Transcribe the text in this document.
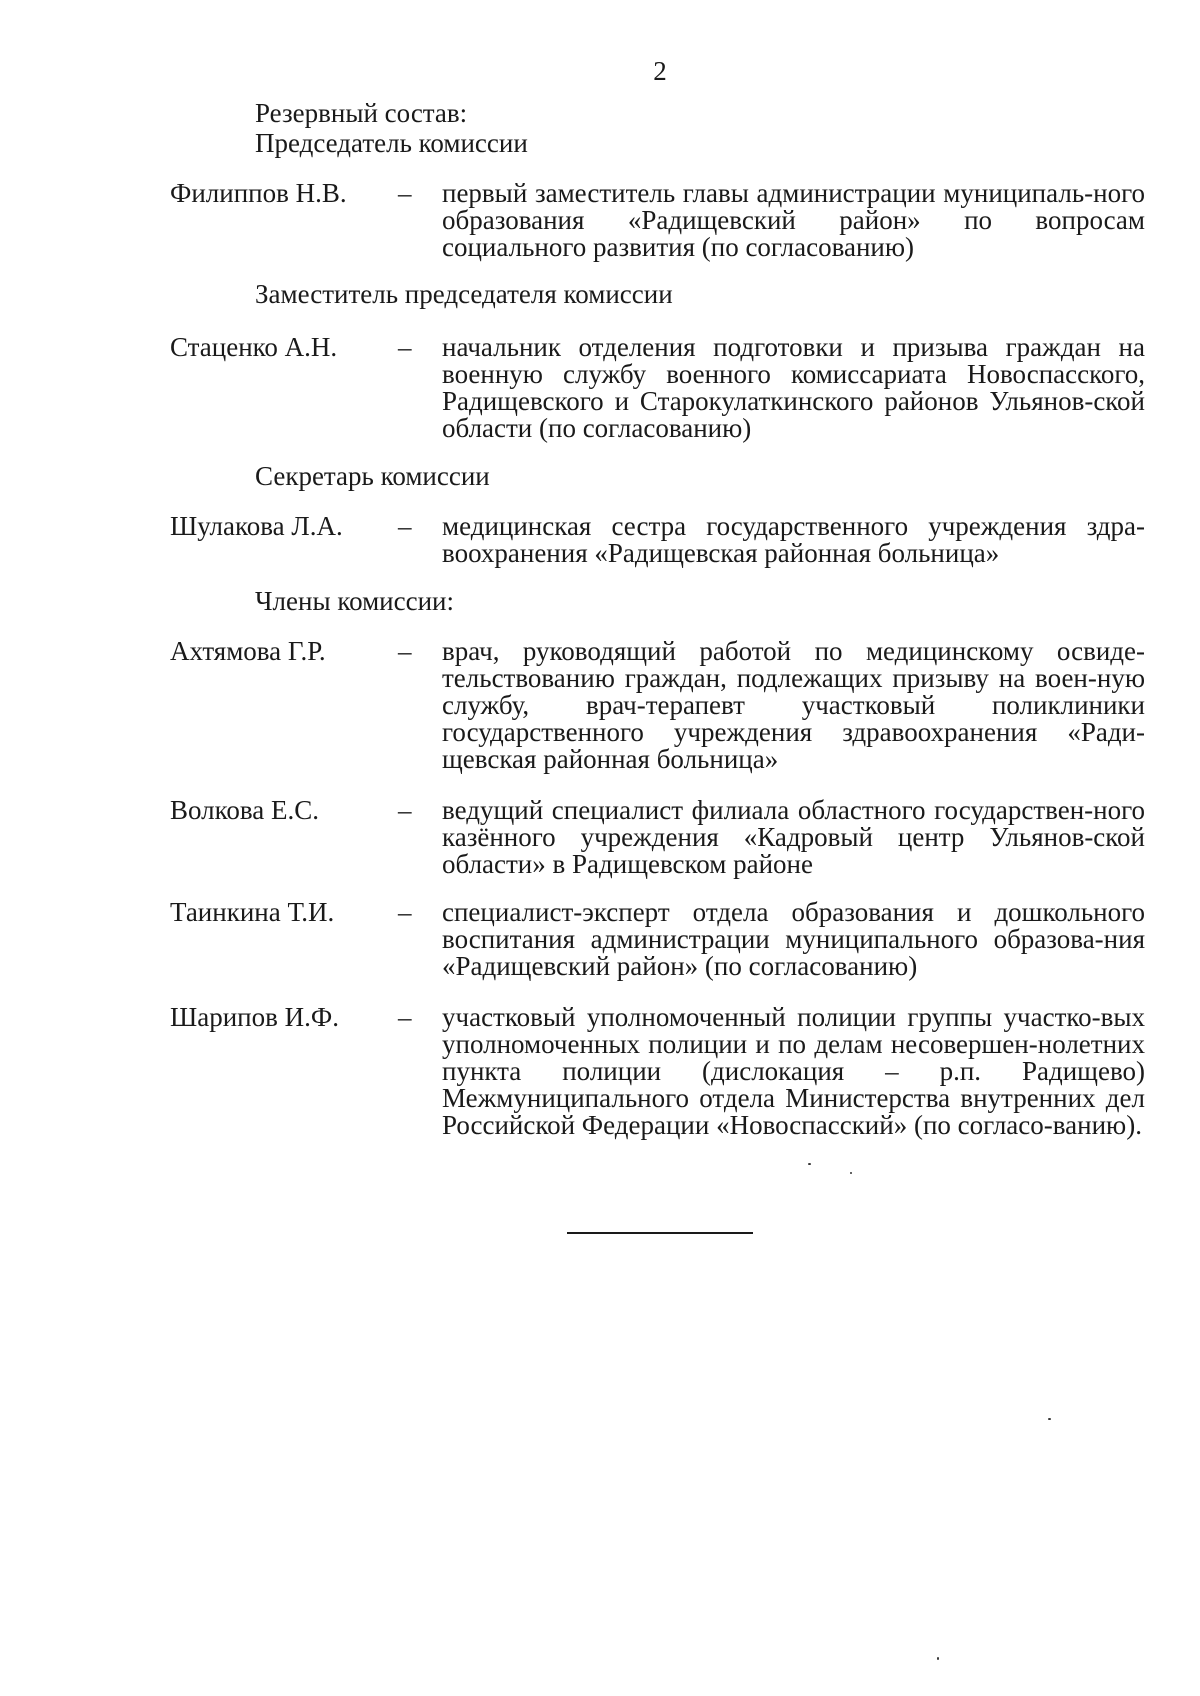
2
Резервный состав:
Председатель комиссии
Филиппов Н.В. – первый заместитель главы администрации муниципаль-ного образования «Радищевский район» по вопросам социального развития (по согласованию)
Заместитель председателя комиссии
Стаценко А.Н. – начальник отделения подготовки и призыва граждан на военную службу военного комиссариата Новоспасского, Радищевского и Старокулаткинского районов Ульянов-ской области (по согласованию)
Секретарь комиссии
Шулакова Л.А. – медицинская сестра государственного учреждения здра-воохранения «Радищевская районная больница»
Члены комиссии:
Ахтямова Г.Р.	– врач, руководящий работой по медицинскому освиде-тельствованию граждан, подлежащих призыву на воен-ную службу, врач-терапевт участковый поликлиники государственного учреждения здравоохранения «Ради-щевская районная больница»
Волкова Е.С.	– ведущий специалист филиала областного государствен-ного казённого учреждения «Кадровый центр Ульянов-ской области» в Радищевском районе
Таинкина Т.И. – специалист-эксперт отдела образования и дошкольного воспитания администрации муниципального образова-ния «Радищевский район» (по согласованию)
Шарипов И.Ф. – участковый уполномоченный полиции группы участко-вых уполномоченных полиции и по делам несовершен-нолетних пункта полиции (дислокация – р.п. Радищево) Межмуниципального отдела Министерства внутренних дел Российской Федерации «Новоспасский» (по согласо-ванию).
